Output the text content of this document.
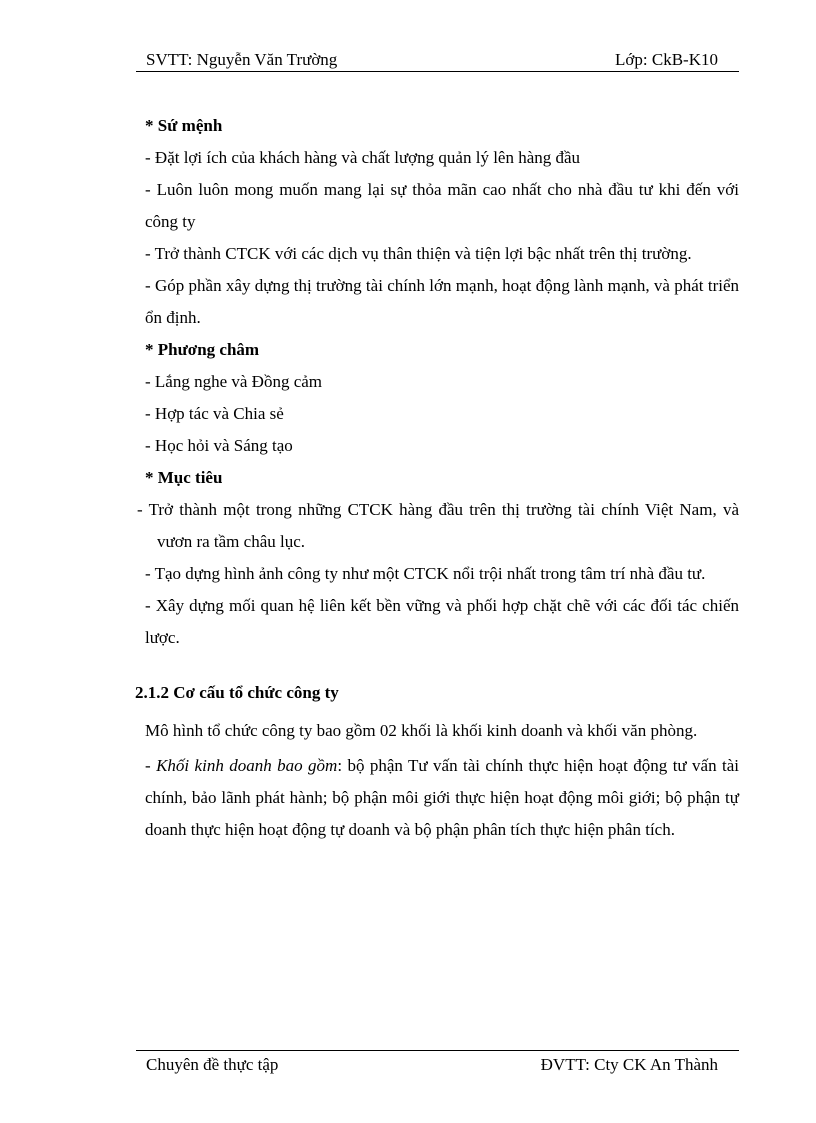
SVTT: Nguyễn Văn Trường	Lớp: CkB-K10

* Sứ mệnh

- Đặt lợi ích của khách hàng và chất lượng quản lý lên hàng đầu

- Luôn luôn mong muốn mang lại sự thỏa mãn cao nhất cho nhà đầu tư khi đến với công ty

- Trở thành CTCK với các dịch vụ thân thiện và tiện lợi bậc nhất trên thị trường.

- Góp phần xây dựng thị trường tài chính lớn mạnh, hoạt động lành mạnh, và phát triển ổn định.

* Phương châm

- Lắng nghe và Đồng cảm

- Hợp tác và Chia sẻ

- Học hỏi và Sáng tạo

* Mục tiêu

- Trở thành một trong những CTCK hàng đầu trên thị trường tài chính Việt Nam, và vươn ra tầm châu lục.

- Tạo dựng hình ảnh công ty như một CTCK nổi trội nhất trong tâm trí nhà đầu tư.

- Xây dựng mối quan hệ liên kết bền vững và phối hợp chặt chẽ với các đối tác chiến lược.

2.1.2 Cơ cấu tổ chức công ty

Mô hình tổ chức công ty bao gồm 02 khối là khối kinh doanh và khối văn phòng.

- Khối kinh doanh bao gồm: bộ phận Tư vấn tài chính thực hiện hoạt động tư vấn tài chính, bảo lãnh phát hành; bộ phận môi giới thực hiện hoạt động môi giới; bộ phận tự doanh thực hiện hoạt động tự doanh và bộ phận phân tích thực hiện phân tích.

Chuyên đề thực tập	ĐVTT: Cty CK An Thành
